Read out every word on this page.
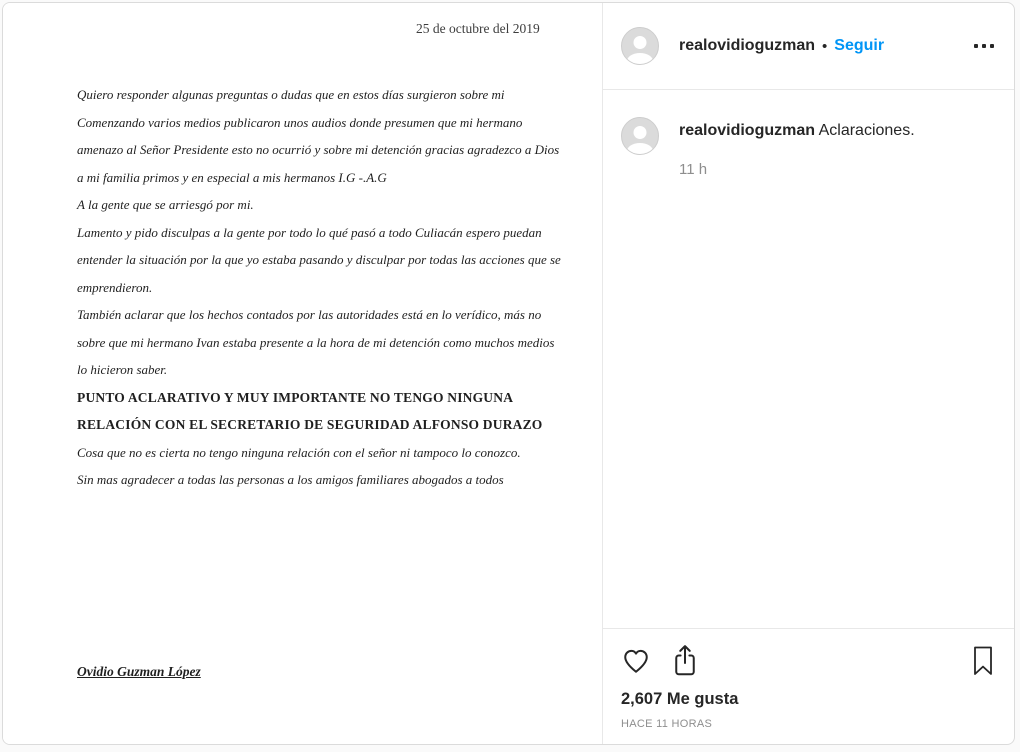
25 de octubre del 2019
Quiero responder algunas preguntas o dudas que en estos días surgieron sobre mi
Comenzando varios medios publicaron unos audios donde presumen que mi hermano
amenazo al Señor Presidente esto no ocurrió y sobre mi detención gracias agradezco a Dios
a mi familia primos y en especial a mis hermanos I.G -.A.G
A la gente que se arriesgó por mi.
Lamento y pido disculpas a la gente por todo lo qué pasó a todo Culiacán espero puedan
entender la situación por la que yo estaba pasando y disculpar por todas las acciones que se
emprendieron.
También aclarar que los hechos contados por las autoridades está en lo verídico, más no
sobre que mi hermano Ivan estaba presente a la hora de mi detención como muchos medios
lo hicieron saber.
PUNTO ACLARATIVO Y MUY IMPORTANTE NO TENGO NINGUNA
RELACIÓN CON EL SECRETARIO DE SEGURIDAD ALFONSO DURAZO
Cosa que no es cierta no tengo ninguna relación con el señor ni tampoco lo conozco.
Sin mas agradecer a todas las personas a los amigos familiares abogados a todos
Ovidio Guzman López
realovidioguzman • Seguir
realovidioguzman Aclaraciones.
11 h
2,607 Me gusta
HACE 11 HORAS
